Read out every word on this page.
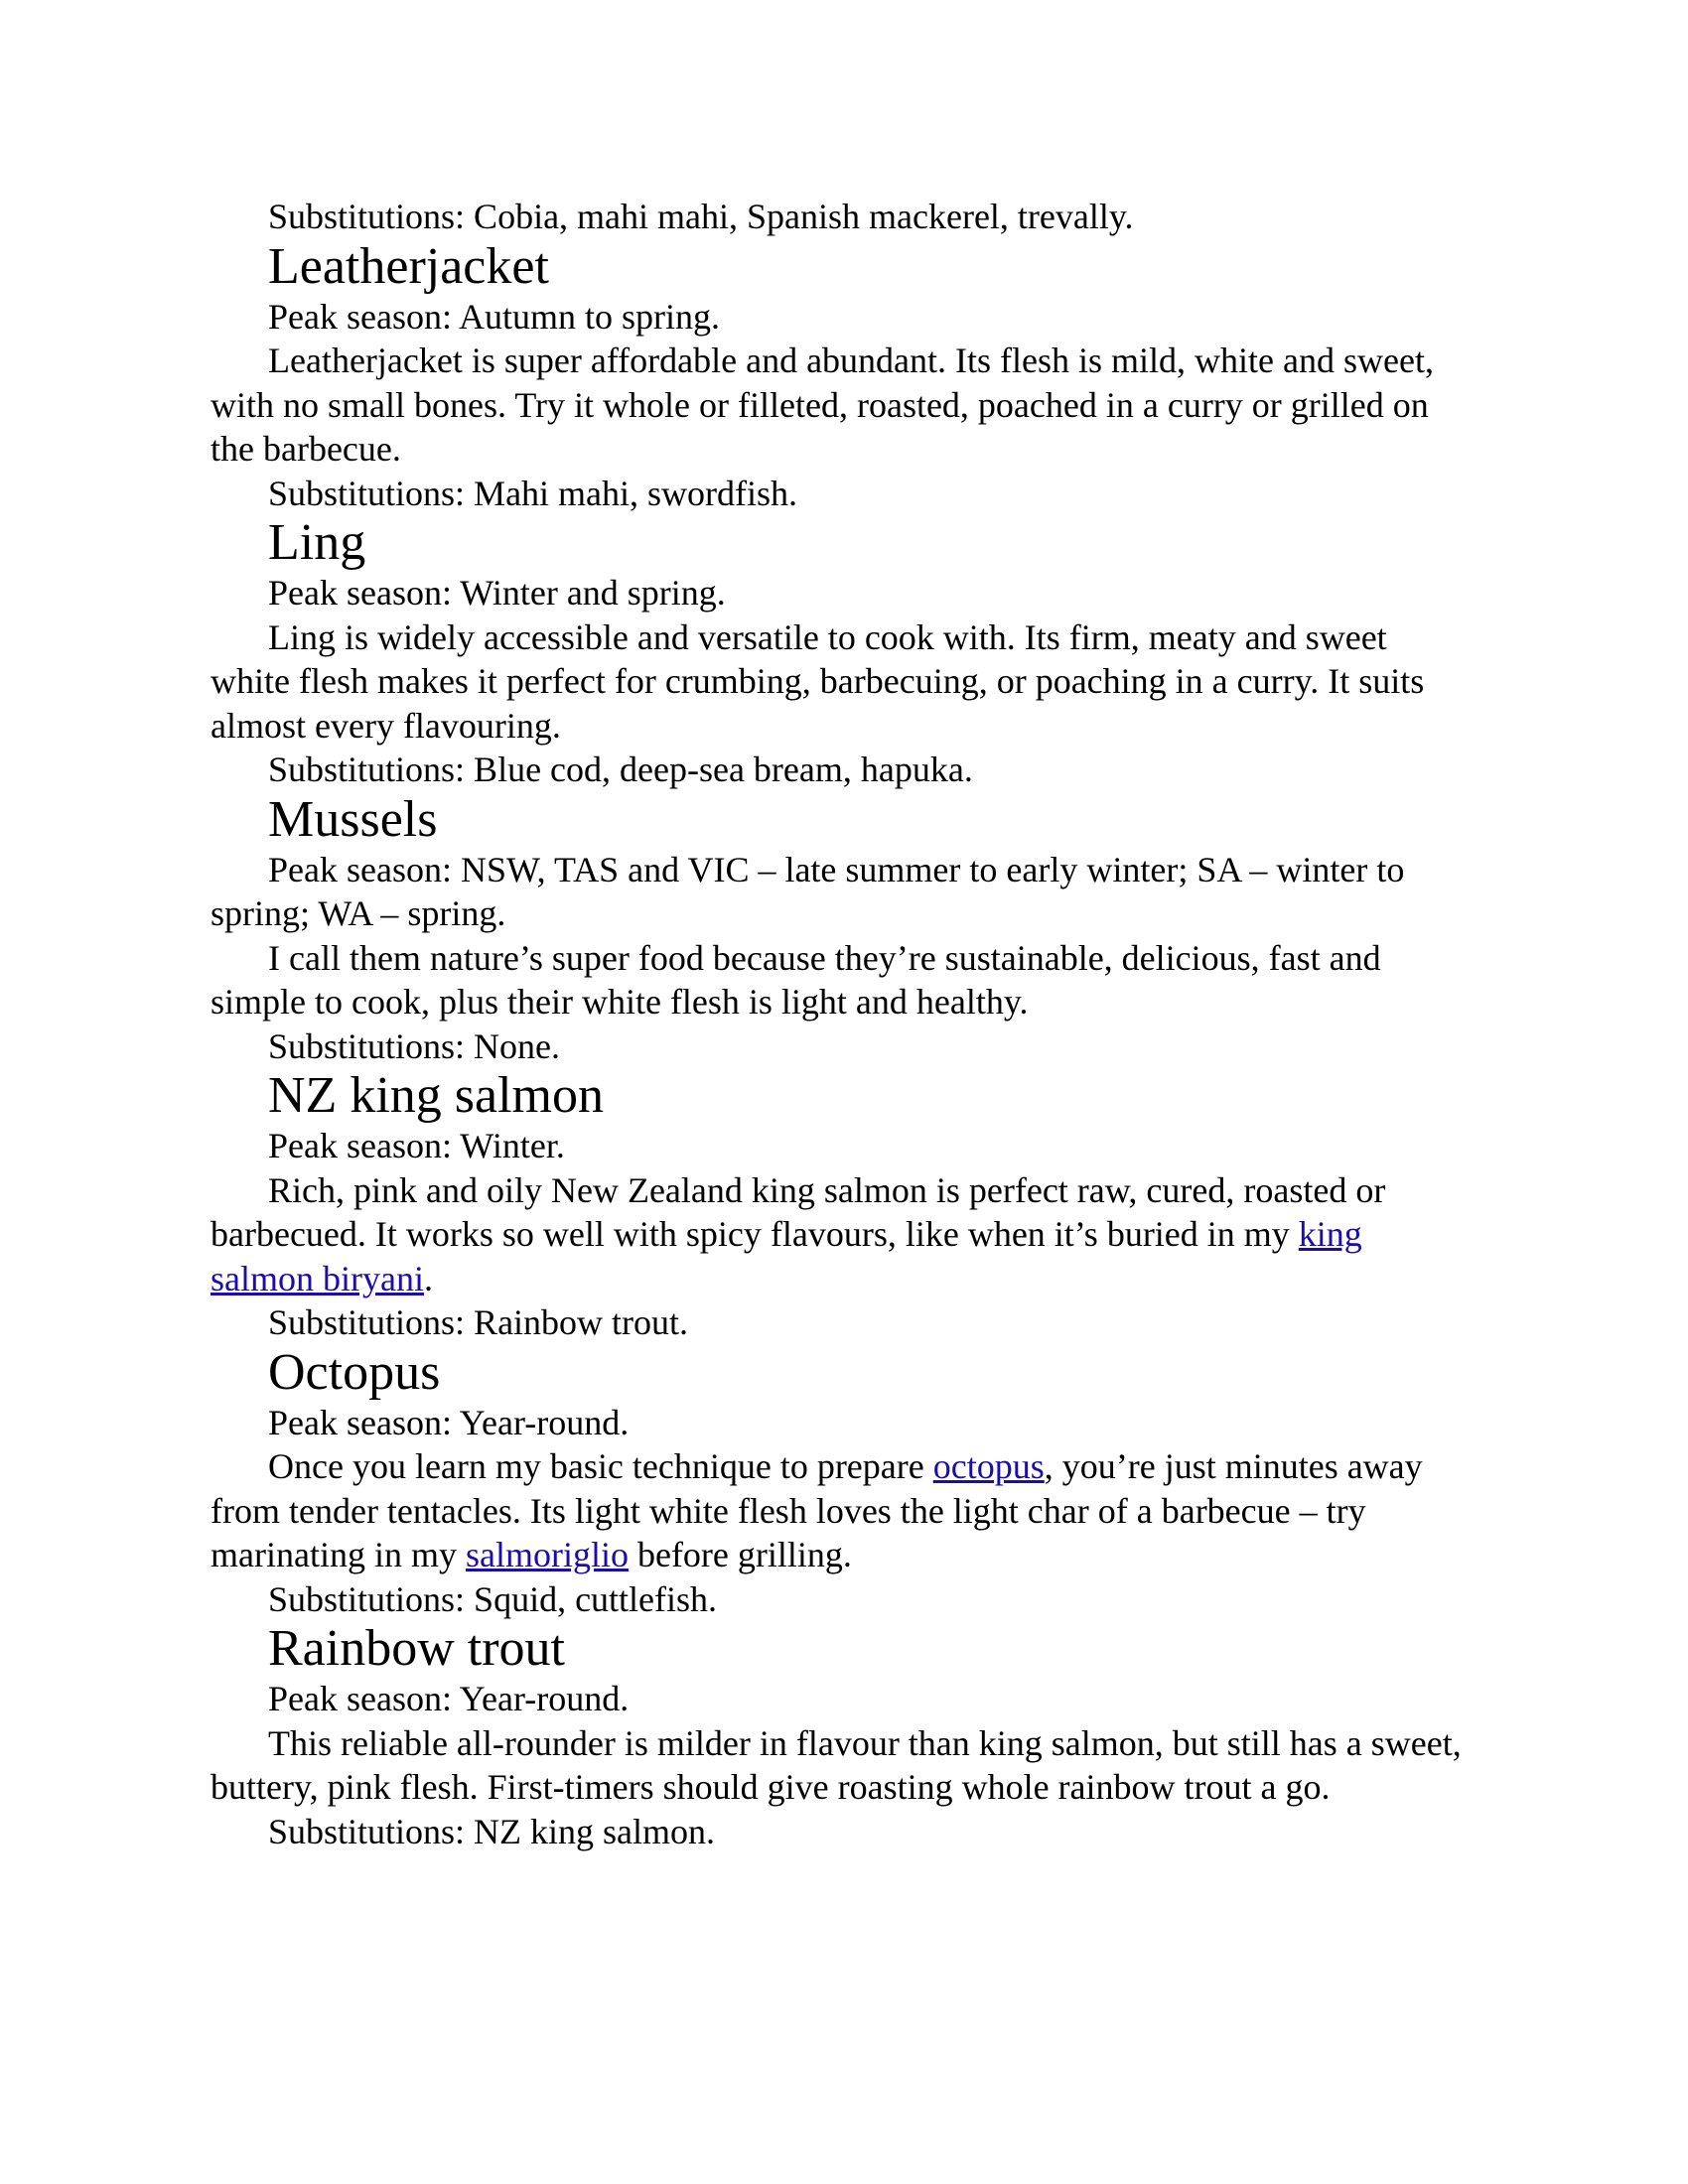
Substitutions: Cobia, mahi mahi, Spanish mackerel, trevally.

Leatherjacket

Peak season: Autumn to spring.

Leatherjacket is super affordable and abundant. Its flesh is mild, white and sweet, with no small bones. Try it whole or filleted, roasted, poached in a curry or grilled on the barbecue.

Substitutions: Mahi mahi, swordfish.

Ling

Peak season: Winter and spring.

Ling is widely accessible and versatile to cook with. Its firm, meaty and sweet white flesh makes it perfect for crumbing, barbecuing, or poaching in a curry. It suits almost every flavouring.

Substitutions: Blue cod, deep-sea bream, hapuka.

Mussels

Peak season: NSW, TAS and VIC – late summer to early winter; SA – winter to spring; WA – spring.

I call them nature’s super food because they’re sustainable, delicious, fast and simple to cook, plus their white flesh is light and healthy.

Substitutions: None.

NZ king salmon

Peak season: Winter.

Rich, pink and oily New Zealand king salmon is perfect raw, cured, roasted or barbecued. It works so well with spicy flavours, like when it’s buried in my king salmon biryani.

Substitutions: Rainbow trout.

Octopus

Peak season: Year-round.

Once you learn my basic technique to prepare octopus, you’re just minutes away from tender tentacles. Its light white flesh loves the light char of a barbecue – try marinating in my salmoriglio before grilling.

Substitutions: Squid, cuttlefish.

Rainbow trout

Peak season: Year-round.

This reliable all-rounder is milder in flavour than king salmon, but still has a sweet, buttery, pink flesh. First-timers should give roasting whole rainbow trout a go.

Substitutions: NZ king salmon.
